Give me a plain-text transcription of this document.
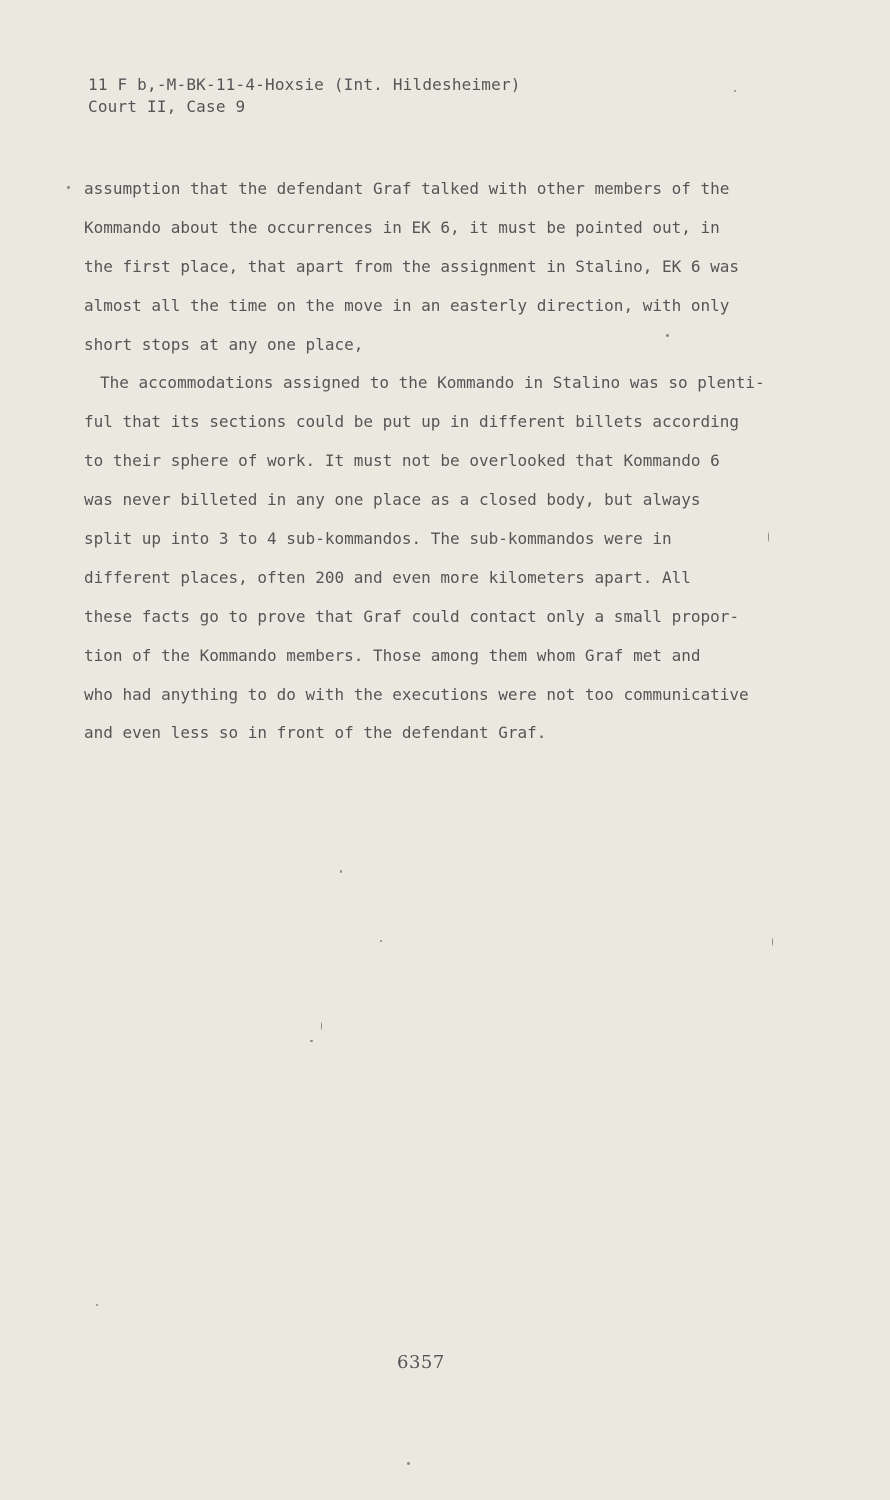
11 F b,-M-BK-11-4-Hoxsie (Int. Hildesheimer)
Court II, Case 9
assumption that the defendant Graf talked with other members of the
Kommando about the occurrences in EK 6, it must be pointed out, in
the first place, that apart from the assignment in Stalino, EK 6 was
almost all the time on the move in an easterly direction, with only
short stops at any one place,
The accommodations assigned to the Kommando in Stalino was so plenti-
ful that its sections could be put up in different billets according
to their sphere of work. It must not be overlooked that Kommando 6
was never billeted in any one place as a closed body, but always
split up into 3 to 4 sub-kommandos. The sub-kommandos were in
different places, often 200 and even more kilometers apart. All
these facts go to prove that Graf could contact only a small propor-
tion of the Kommando members. Those among them whom Graf met and
who had anything to do with the executions were not too communicative
and even less so in front of the defendant Graf.
6357
